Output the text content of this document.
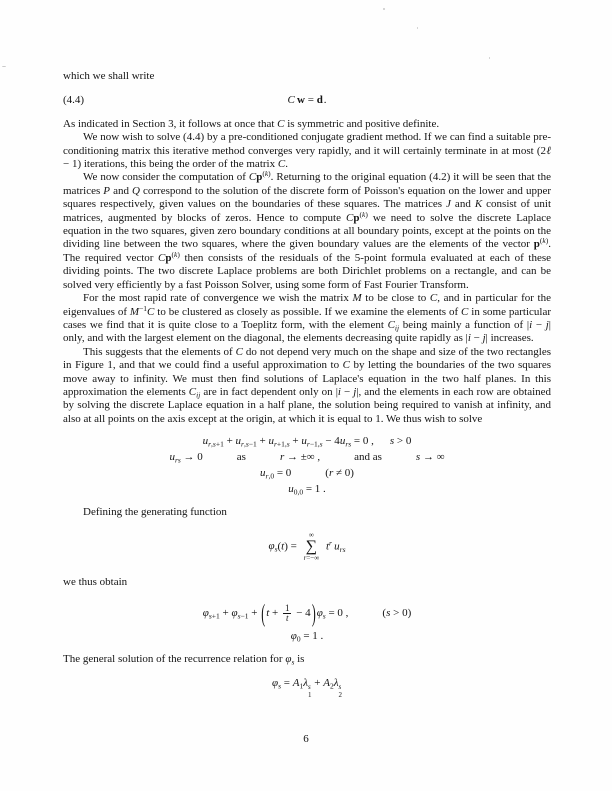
which we shall write

(4.4)	C  w = d .

As indicated in Section 3, it follows at once that C is symmetric and positive definite.

We now wish to solve (4.4) by a pre-conditioned conjugate gradient method. If we can find a suitable pre-conditioning matrix this iterative method converges very rapidly, and it will certainly terminate in at most (2ℓ − 1) iterations, this being the order of the matrix C.

We now consider the computation of Cp$^{(k)}$. Returning to the original equation (4.2) it will be seen that the matrices P and Q correspond to the solution of the discrete form of Poisson's equation on the lower and upper squares respectively, given values on the boundaries of these squares. The matrices J and K consist of unit matrices, augmented by blocks of zeros. Hence to compute Cp$^{(k)}$ we need to solve the discrete Laplace equation in the two squares, given zero boundary conditions at all boundary points, except at the points on the dividing line between the two squares, where the given boundary values are the elements of the vector $p^{(k)}$. The required vector Cp$^{(k)}$ then consists of the residuals of the 5-point formula evaluated at each of these dividing points. The two discrete Laplace problems are both Dirichlet problems on a rectangle, and can be solved very efficiently by a fast Poisson Solver, using some form of Fast Fourier Transform.

For the most rapid rate of convergence we wish the matrix M to be close to C, and in particular for the eigenvalues of $M^{-1}C$ to be clustered as closely as possible. If we examine the elements of C in some particular cases we find that it is quite close to a Toeplitz form, with the element $C_{ij}$ being mainly a function of |i − j| only, and with the largest element on the diagonal, the elements decreasing quite rapidly as |i − j| increases.

This suggests that the elements of C do not depend very much on the shape and size of the two rectangles in Figure 1, and that we could find a useful approximation to C by letting the boundaries of the two squares move away to infinity. We must then find solutions of Laplace's equation in the two half planes. In this approximation the elements $C_{ij}$ are in fact dependent only on |i − j|, and the elements in each row are obtained by solving the discrete Laplace equation in a half plane, the solution being required to vanish at infinity, and also at all points on the axis except at the origin, at which it is equal to 1. We thus wish to solve

$u_{r,s+1} + u_{r,s-1} + u_{r+1,s} + u_{r-1,s} - 4u_{rs} = 0$ , s > 0
$u_{rs} \to 0$	as	r → ±∞ ,	and as	s → ∞
$u_{r,0} = 0$	(r ≠ 0)
$u_{0,0} = 1$ .

Defining the generating function

$\varphi_s(t)$ =
∞
∑
r=−∞
$t^r$  $u_{rs}$

we thus obtain

$\varphi_{s+1} + \varphi_{s-1} + (t + \frac{1}{t} - 4)\varphi_s = 0$ ,	(s > 0)
$\varphi_0 = 1$ .

The general solution of the recurrence relation for $\varphi_s$ is

$\varphi_s = A_1\lambda$ s
1
+ $A_2\lambda$ s
2
6
